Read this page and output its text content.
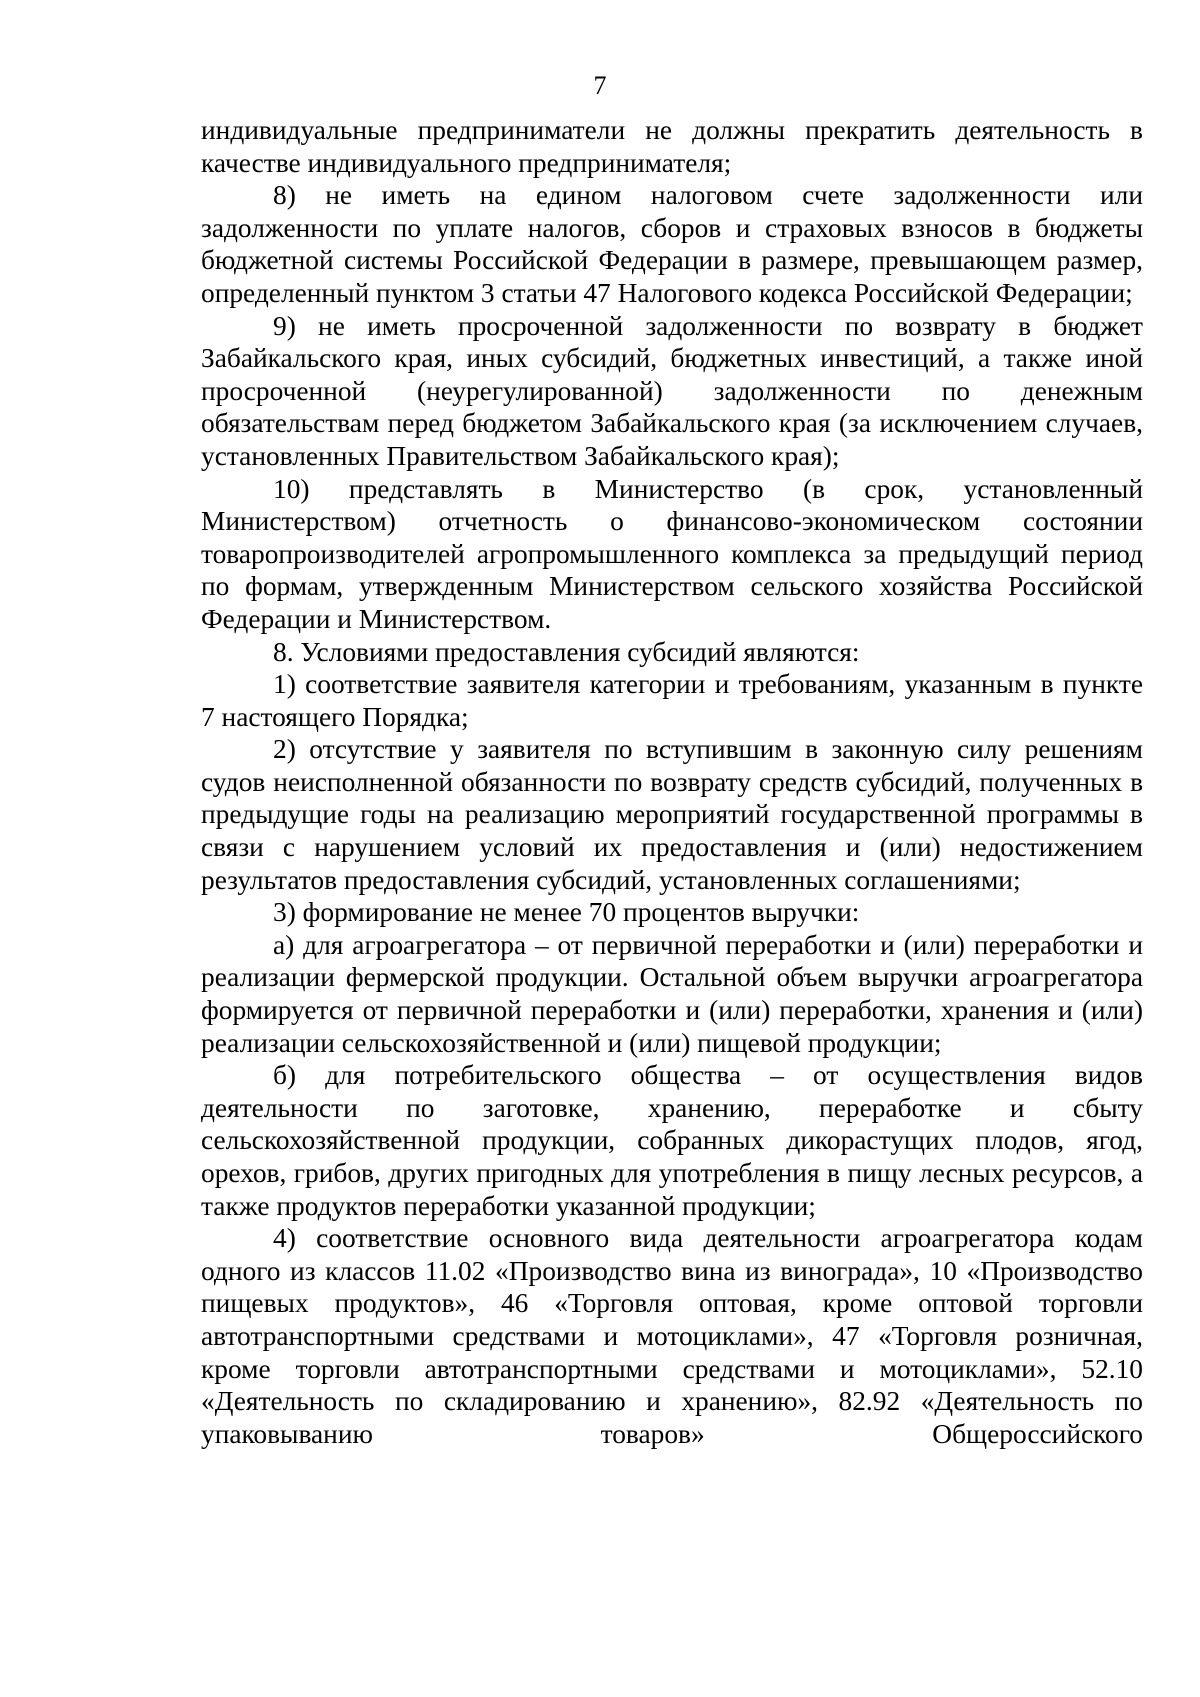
7

индивидуальные предприниматели не должны прекратить деятельность в качестве индивидуального предпринимателя;

8) не иметь на едином налоговом счете задолженности или задолженности по уплате налогов, сборов и страховых взносов в бюджеты бюджетной системы Российской Федерации в размере, превышающем размер, определенный пунктом 3 статьи 47 Налогового кодекса Российской Федерации;

9) не иметь просроченной задолженности по возврату в бюджет Забайкальского края, иных субсидий, бюджетных инвестиций, а также иной просроченной (неурегулированной) задолженности по денежным обязательствам перед бюджетом Забайкальского края (за исключением случаев, установленных Правительством Забайкальского края);

10) представлять в Министерство (в срок, установленный Министерством) отчетность о финансово-экономическом состоянии товаропроизводителей агропромышленного комплекса за предыдущий период по формам, утвержденным Министерством сельского хозяйства Российской Федерации и Министерством.

8. Условиями предоставления субсидий являются:

1) соответствие заявителя категории и требованиям, указанным в пункте 7 настоящего Порядка;

2) отсутствие у заявителя по вступившим в законную силу решениям судов неисполненной обязанности по возврату средств субсидий, полученных в предыдущие годы на реализацию мероприятий государственной программы в связи с нарушением условий их предоставления и (или) недостижением результатов предоставления субсидий, установленных соглашениями;

3) формирование не менее 70 процентов выручки:

а) для агроагрегатора – от первичной переработки и (или) переработки и реализации фермерской продукции. Остальной объем выручки агроагрегатора формируется от первичной переработки и (или) переработки, хранения и (или) реализации сельскохозяйственной и (или) пищевой продукции;

б) для потребительского общества – от осуществления видов деятельности по заготовке, хранению, переработке и сбыту сельскохозяйственной продукции, собранных дикорастущих плодов, ягод, орехов, грибов, других пригодных для употребления в пищу лесных ресурсов, а также продуктов переработки указанной продукции;

4) соответствие основного вида деятельности агроагрегатора кодам одного из классов 11.02 «Производство вина из винограда», 10 «Производство пищевых продуктов», 46 «Торговля оптовая, кроме оптовой торговли автотранспортными средствами и мотоциклами», 47 «Торговля розничная, кроме торговли автотранспортными средствами и мотоциклами», 52.10 «Деятельность по складированию и хранению», 82.92 «Деятельность по упаковыванию товаров» Общероссийского
